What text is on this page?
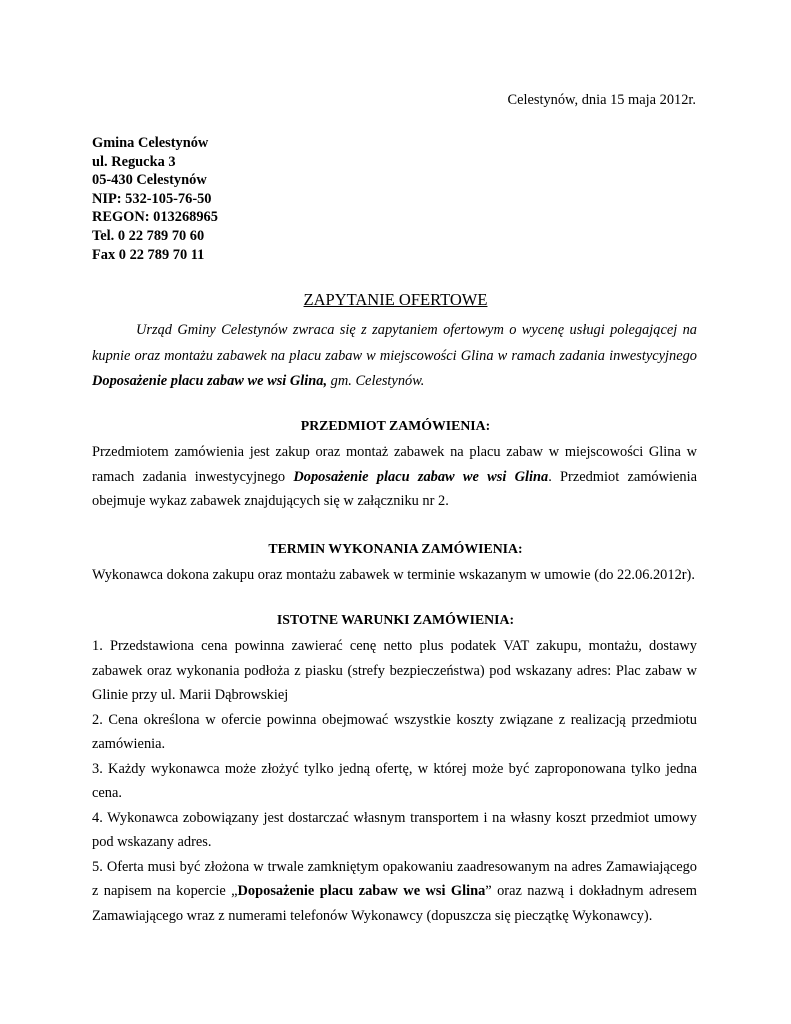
Celestynów, dnia 15 maja 2012r.
Gmina Celestynów
ul. Regucka 3
05-430 Celestynów
NIP: 532-105-76-50
REGON: 013268965
Tel. 0 22 789 70 60
Fax 0 22 789 70 11
ZAPYTANIE OFERTOWE
Urząd Gminy Celestynów zwraca się z zapytaniem ofertowym o wycenę usługi polegającej na kupnie oraz montażu zabawek na placu zabaw w miejscowości Glina w ramach zadania inwestycyjnego Doposażenie placu zabaw we wsi Glina, gm. Celestynów.
PRZEDMIOT ZAMÓWIENIA:
Przedmiotem zamówienia jest zakup oraz montaż zabawek na placu zabaw w miejscowości Glina w ramach zadania inwestycyjnego Doposażenie placu zabaw we wsi Glina. Przedmiot zamówienia obejmuje wykaz zabawek znajdujących się w załączniku nr 2.
TERMIN WYKONANIA ZAMÓWIENIA:
Wykonawca dokona zakupu oraz montażu zabawek w terminie wskazanym w umowie (do 22.06.2012r).
ISTOTNE WARUNKI ZAMÓWIENIA:

1. Przedstawiona cena powinna zawierać cenę netto plus podatek VAT zakupu, montażu, dostawy zabawek oraz wykonania podłoża z piasku (strefy bezpieczeństwa) pod wskazany adres: Plac zabaw w Glinie przy ul. Marii Dąbrowskiej

2. Cena określona w ofercie powinna obejmować wszystkie koszty związane z realizacją przedmiotu zamówienia.

3. Każdy wykonawca może złożyć tylko jedną ofertę, w której może być zaproponowana tylko jedna cena.

4. Wykonawca zobowiązany jest dostarczać własnym transportem i na własny koszt przedmiot umowy pod wskazany adres.

5. Oferta musi być złożona w trwale zamkniętym opakowaniu zaadresowanym na adres Zamawiającego z napisem na kopercie „Doposażenie placu zabaw we wsi Glina” oraz nazwą i dokładnym adresem Zamawiającego wraz z numerami telefonów Wykonawcy (dopuszcza się pieczątkę Wykonawcy).
